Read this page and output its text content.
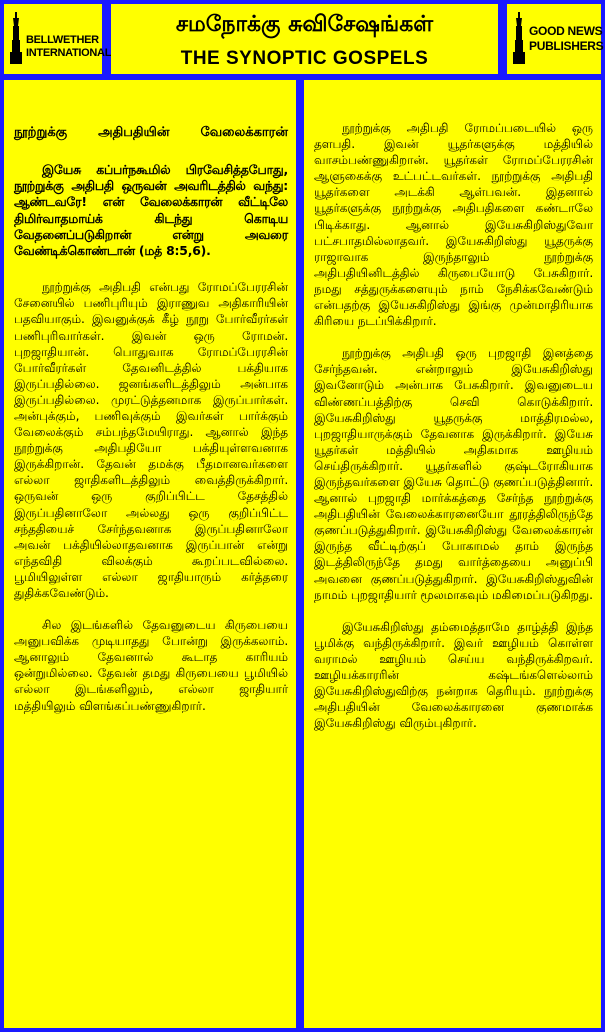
BELLWETHER
INTERNATIONAL
சமநோக்கு சுவிசேஷங்கள்
THE SYNOPTIC GOSPELS
GOOD NEWS
PUBLISHERS
நூற்றுக்கு அதிபதியின் வேலைக்காரன்
இயேசு கப்பர்நகூமில் பிரவேசித்தபோது, நூற்றுக்கு அதிபதி ஒருவன் அவரிடத்தில் வந்து: ஆண்டவரே! என் வேலைக்காரன் வீட்டிலே திமிர்வாதமாய்க் கிடந்து கொடிய வேதனைப்படுகிறான் என்று அவரை வேண்டிக்கொண்டான் (மத் 8:5,6).
நூற்றுக்கு அதிபதி என்பது ரோமப்பேரரசின் சேனையில் பணிபுரியும் இராணுவ அதிகாரியின் பதவியாகும். இவனுக்குக் கீழ் நூறு போர்வீரர்கள் பணிபுரிவார்கள். இவன் ஒரு ரோமன். புறஜாதியான். பொதுவாக ரோமப்பேரரசின் போர்வீரர்கள் தேவனிடத்தில் பக்தியாக இருப்பதில்லை. ஜனங்களிடத்திலும் அன்பாக இருப்பதில்லை. முரட்டுத்தனமாக இருப்பார்கள். அன்புக்கும், பணிவுக்கும் இவர்கள் பார்க்கும் வேலைக்கும் சம்பந்தமேயிராது. ஆனால் இந்த நூற்றுக்கு அதிபதியோ பக்தியுள்ளவனாக இருக்கிறான். தேவன் தமக்கு பீதமானவர்களை எல்லா ஜாதிகளிடத்திலும் வைத்திருக்கிறார். ஒருவன் ஒரு குறிப்பிட்ட தேசத்தில் இருப்பதினாலோ அல்லது ஒரு குறிப்பிட்ட சந்ததியைச் சேர்ந்தவனாக இருப்பதினாலோ அவன் பக்தியில்லாதவனாக இருப்பான் என்று எந்தவிதி விலக்கும் கூறப்படவில்லை. பூமியிலுள்ள எல்லா ஜாதியாரும் கர்த்தரை துதிக்கவேண்டும்.
சில இடங்களில் தேவனுடைய கிருபையை அனுபவிக்க முடியாதது போன்று இருக்கலாம். ஆனாலும் தேவனால் கூடாத காரியம் ஒன்றுமில்லை. தேவன் தமது கிருபையை பூமியில் எல்லா இடங்களிலும், எல்லா ஜாதியார் மத்தியிலும் விளங்கப்பண்ணுகிறார்.
நூற்றுக்கு அதிபதி ரோமப்படையில் ஒரு தளபதி. இவன் யூதர்களுக்கு மத்தியில் வாசம்பண்ணுகிறான். யூதர்கள் ரோமப்பேரரசின் ஆளுகைக்கு உட்பட்டவர்கள். நூற்றுக்கு அதிபதி யூதர்களை அடக்கி ஆள்பவன். இதனால் யூதர்களுக்கு நூற்றுக்கு அதிபதிகளை கண்டாலே பிடிக்காது. ஆனால் இயேசுகிறிஸ்துவோ பட்சபாதமில்லாதவர். இயேசுகிறிஸ்து யூதருக்கு ராஜாவாக இருந்தாலும் நூற்றுக்கு அதிபதியினிடத்தில் கிருபையோடு பேசுகிறார். நமது சத்துருக்களையும் நாம் நேசிக்கவேண்டும் என்பதற்கு இயேசுகிறிஸ்து இங்கு முன்மாதிரியாக கிரியை நடப்பிக்கிறார்.
நூற்றுக்கு அதிபதி ஒரு புறஜாதி இனத்தை சேர்ந்தவன். என்றாலும் இயேசுகிறிஸ்து இவனோடும் அன்பாக பேசுகிறார். இவனுடைய விண்ணப்பத்திற்கு செவி கொடுக்கிறார். இயேசுகிறிஸ்து யூதருக்கு மாத்திரமல்ல, புறஜாதியாருக்கும் தேவனாக இருக்கிறார். இயேசு யூதர்கள் மத்தியில் அதிகமாக ஊழியம் செய்திருக்கிறார். யூதர்களில் குஷ்டரோகியாக இருந்தவர்களை இயேசு தொட்டு குணப்படுத்தினார். ஆனால் புறஜாதி மார்க்கத்தை சேர்ந்த நூற்றுக்கு அதிபதியின் வேலைக்காரனையோ தூரத்திலிருந்தே குணப்படுத்துகிறார். இயேசுகிறிஸ்து வேலைக்காரன் இருந்த வீட்டிற்குப் போகாமல் தாம் இருந்த இடத்திலிருந்தே தமது வார்த்தையை அனுப்பி அவனை குணப்படுத்துகிறார். இயேசுகிறிஸ்துவின் நாமம் புறஜாதியார் மூலமாகவும் மகிமைப்படுகிறது.
இயேசுகிறிஸ்து தம்மைத்தாமே தாழ்த்தி இந்த பூமிக்கு வந்திருக்கிறார். இவர் ஊழியம் கொள்ள வராமல் ஊழியம் செய்ய வந்திருக்கிறவர். ஊழியக்காரரின் கஷ்டங்களெல்லாம் இயேசுகிறிஸ்துவிற்கு நன்றாக தெரியும். நூற்றுக்கு அதிபதியின் வேலைக்காரனை குணமாக்க இயேசுகிறிஸ்து விரும்புகிறார்.
